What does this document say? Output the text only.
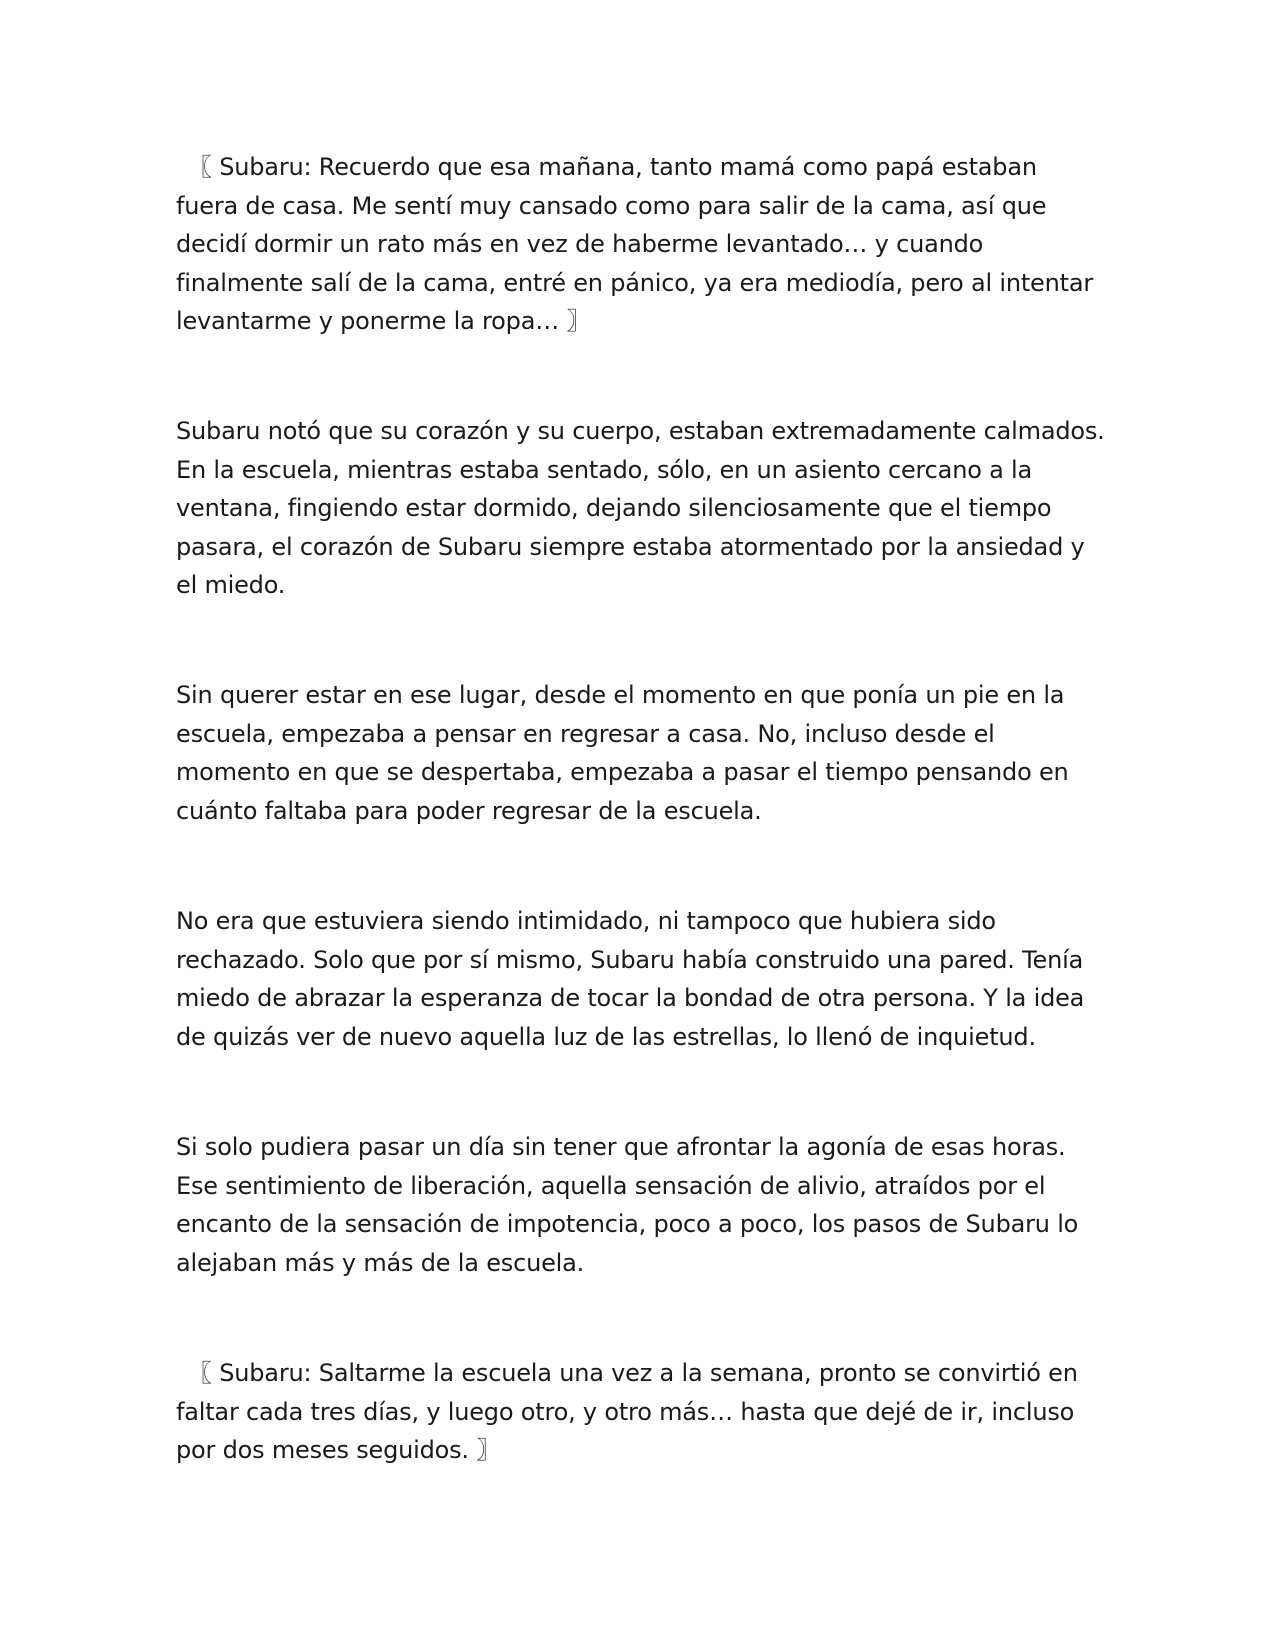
〖 Subaru: Recuerdo que esa mañana, tanto mamá como papá estaban fuera de casa. Me sentí muy cansado como para salir de la cama, así que decidí dormir un rato más en vez de haberme levantado… y cuando finalmente salí de la cama, entré en pánico, ya era mediodía, pero al intentar levantarme y ponerme la ropa… 〗

Subaru notó que su corazón y su cuerpo, estaban extremadamente calmados. En la escuela, mientras estaba sentado, sólo, en un asiento cercano a la ventana, fingiendo estar dormido, dejando silenciosamente que el tiempo pasara, el corazón de Subaru siempre estaba atormentado por la ansiedad y el miedo.

Sin querer estar en ese lugar, desde el momento en que ponía un pie en la escuela, empezaba a pensar en regresar a casa. No, incluso desde el momento en que se despertaba, empezaba a pasar el tiempo pensando en cuánto faltaba para poder regresar de la escuela.

No era que estuviera siendo intimidado, ni tampoco que hubiera sido rechazado. Solo que por sí mismo, Subaru había construido una pared. Tenía miedo de abrazar la esperanza de tocar la bondad de otra persona. Y la idea de quizás ver de nuevo aquella luz de las estrellas, lo llenó de inquietud.

Si solo pudiera pasar un día sin tener que afrontar la agonía de esas horas. Ese sentimiento de liberación, aquella sensación de alivio, atraídos por el encanto de la sensación de impotencia, poco a poco, los pasos de Subaru lo alejaban más y más de la escuela.

〖 Subaru: Saltarme la escuela una vez a la semana, pronto se convirtió en faltar cada tres días, y luego otro, y otro más… hasta que dejé de ir, incluso por dos meses seguidos. 〗
